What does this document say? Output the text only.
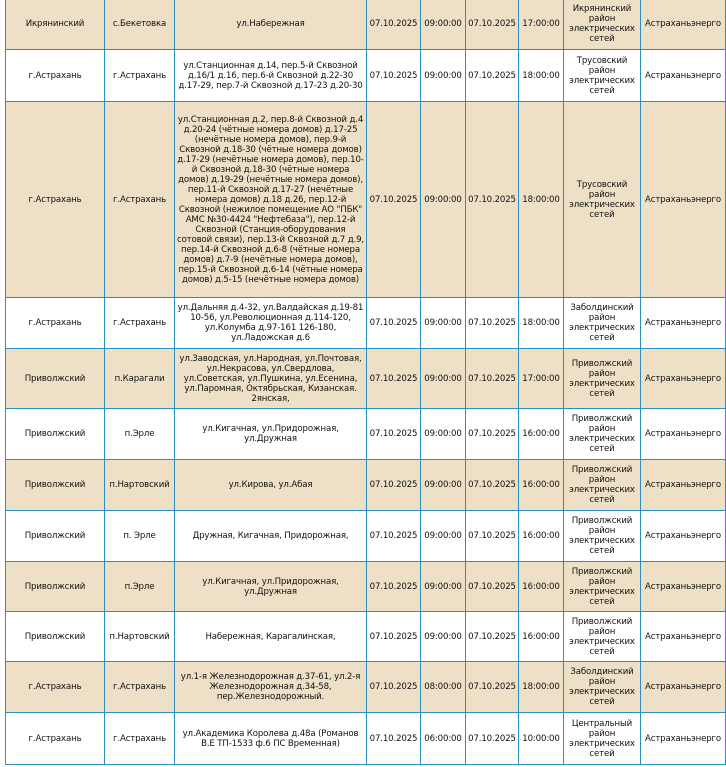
Икрянинский	с.Бекетовка	ул.Набережная	07.10.2025	09:00:00	07.10.2025	17:00:00	Икрянинский район электрических сетей	Астраханьэнерго
г.Астрахань	г.Астрахань	ул.Станционная д.14, пер.5-й Сквозной д.16/1 д.16, пер.6-й Сквозной д.22-30 д.17-29, пер.7-й Сквозной д.17-23 д.20-30	07.10.2025	09:00:00	07.10.2025	18:00:00	Трусовский район электрических сетей	Астраханьэнерго
г.Астрахань	г.Астрахань	ул.Станционная д.2, пер.8-й Сквозной д.4 д.20-24 (чётные номера домов) д.17-25 (нечётные номера домов), пер.9-й Сквозной д.18-30 (чётные номера домов) д.17-29 (нечётные номера домов), пер.10-й Сквозной д.18-30 (чётные номера домов) д.19-29 (нечётные номера домов), пер.11-й Сквозной д.17-27 (нечётные номера домов) д.18 д.26, пер.12-й Сквозной (нежилое помещение АО "ПБК" АМС №30-4424 "Нефтебаза"), пер.12-й Сквозной (Станция-оборудования сотовой связи), пер.13-й Сквозной д.7 д.9, пер.14-й Сквозной д.6-8 (чётные номера домов) д.7-9 (нечётные номера домов), пер.15-й Сквозной д.6-14 (чётные номера домов) д.5-15 (нечётные номера домов)	07.10.2025	09:00:00	07.10.2025	18:00:00	Трусовский район электрических сетей	Астраханьэнерго
г.Астрахань	г.Астрахань	ул.Дальняя д.4-32, ул.Валдайская д.19-81 10-56, ул.Революционная д.114-120, ул.Колумба д.97-161 126-180, ул.Ладожская д.6	07.10.2025	09:00:00	07.10.2025	18:00:00	Заболдинский район электрических сетей	Астраханьэнерго
Приволжский	п.Карагали	ул.Заводская, ул.Народная, ул.Почтовая, ул.Некрасова, ул.Свердлова, ул.Советская, ул.Пушкина, ул.Есенина, ул.Паромная, Октябрьская, Кизанская. 2янская,	07.10.2025	09:00:00	07.10.2025	17:00:00	Приволжский район электрических сетей	Астраханьэнерго
Приволжский	п.Эрле	ул.Кигачная, ул.Придорожная, ул.Дружная	07.10.2025	09:00:00	07.10.2025	16:00:00	Приволжский район электрических сетей	Астраханьэнерго
Приволжский	п.Нартовский	ул.Кирова, ул.Абая	07.10.2025	09:00:00	07.10.2025	16:00:00	Приволжский район электрических сетей	Астраханьэнерго
Приволжский	п. Эрле	Дружная, Кигачная, Придорожная,	07.10.2025	09:00:00	07.10.2025	16:00:00	Приволжский район электрических сетей	Астраханьэнерго
Приволжский	п.Эрле	ул.Кигачная, ул.Придорожная, ул.Дружная	07.10.2025	09:00:00	07.10.2025	16:00:00	Приволжский район электрических сетей	Астраханьэнерго
Приволжский	п.Нартовский	Набережная, Карагалинская,	07.10.2025	09:00:00	07.10.2025	16:00:00	Приволжский район электрических сетей	Астраханьэнерго
г.Астрахань	г.Астрахань	ул.1-я Железнодорожная д.37-61, ул.2-я Железнодорожная д.34-58, пер.Железнодорожный.	07.10.2025	08:00:00	07.10.2025	18:00:00	Заболдинский район электрических сетей	Астраханьэнерго
г.Астрахань	г.Астрахань	ул.Академика Королева д.48а (Романов В.Е ТП-1533 ф.6 ПС Временная)	07.10.2025	06:00:00	07.10.2025	10:00:00	Центральный район электрических сетей	Астраханьэнерго
